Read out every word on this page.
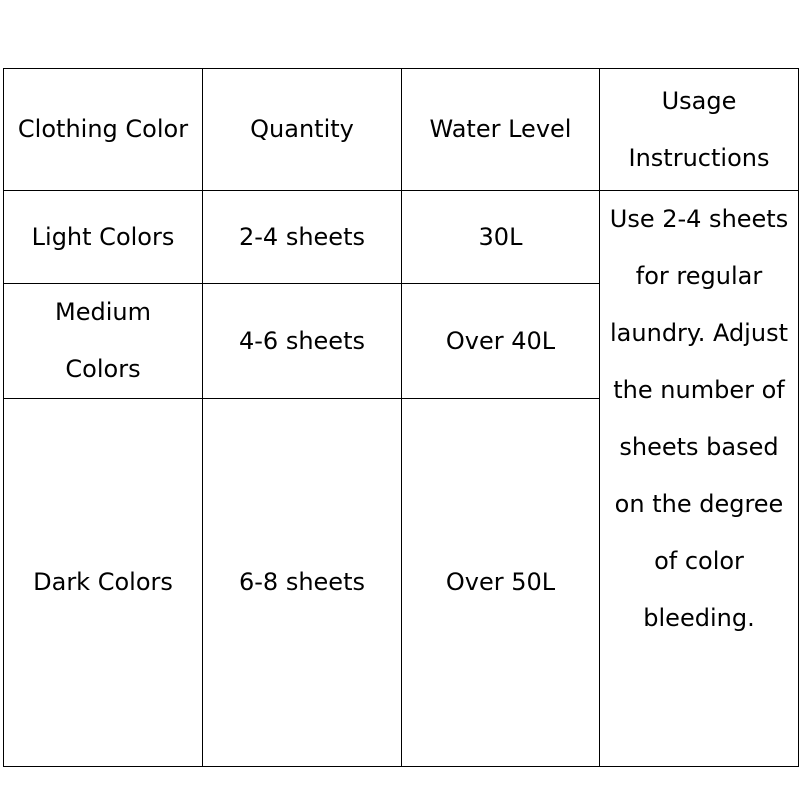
Clothing Color	Quantity	Water Level	Usage Instructions

Light Colors	2-4 sheets	30L	Use 2-4 sheets for regular laundry. Adjust the number of sheets based on the degree of color bleeding.

Medium Colors	4-6 sheets	Over 40L	
Dark Colors	6-8 sheets	Over 50L	
